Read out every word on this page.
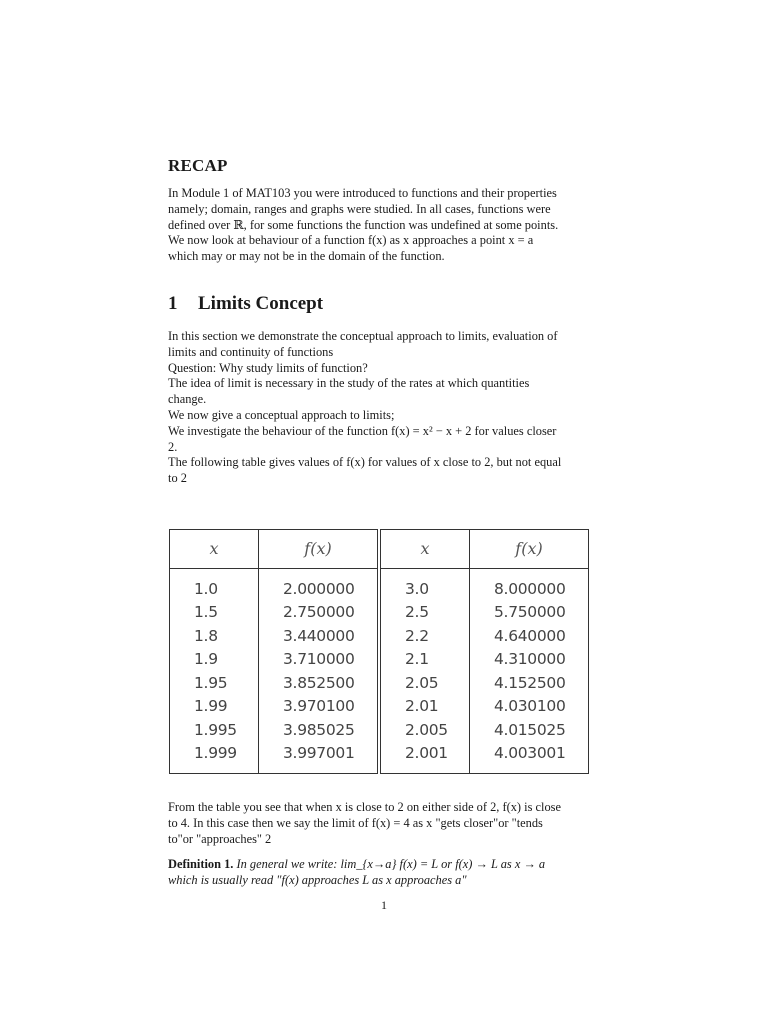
RECAP

In Module 1 of MAT103 you were introduced to functions and their properties
namely; domain, ranges and graphs were studied. In all cases, functions were
defined over ℝ, for some functions the function was undefined at some points.
We now look at behaviour of a function f(x) as x approaches a point x = a
which may or may not be in the domain of the function.

1 Limits Concept

In this section we demonstrate the conceptual approach to limits, evaluation of
limits and continuity of functions
Question: Why study limits of function?
The idea of limit is necessary in the study of the rates at which quantities
change.
We now give a conceptual approach to limits;
We investigate the behaviour of the function f(x) = x² − x + 2 for values closer
2.
The following table gives values of f(x) for values of x close to 2, but not equal
to 2

x	f(x)	x	f(x)
1.0	2.000000	3.0	8.000000
1.5	2.750000	2.5	5.750000
1.8	3.440000	2.2	4.640000
1.9	3.710000	2.1	4.310000
1.95	3.852500	2.05	4.152500
1.99	3.970100	2.01	4.030100
1.995	3.985025	2.005	4.015025
1.999	3.997001	2.001	4.003001

From the table you see that when x is close to 2 on either side of 2, f(x) is close
to 4. In this case then we say the limit of f(x) = 4 as x "gets closer"or "tends
to"or "approaches" 2

Definition 1. In general we write: lim_{x→a} f(x) = L or f(x) → L as x → a
which is usually read "f(x) approaches L as x approaches a"
1
